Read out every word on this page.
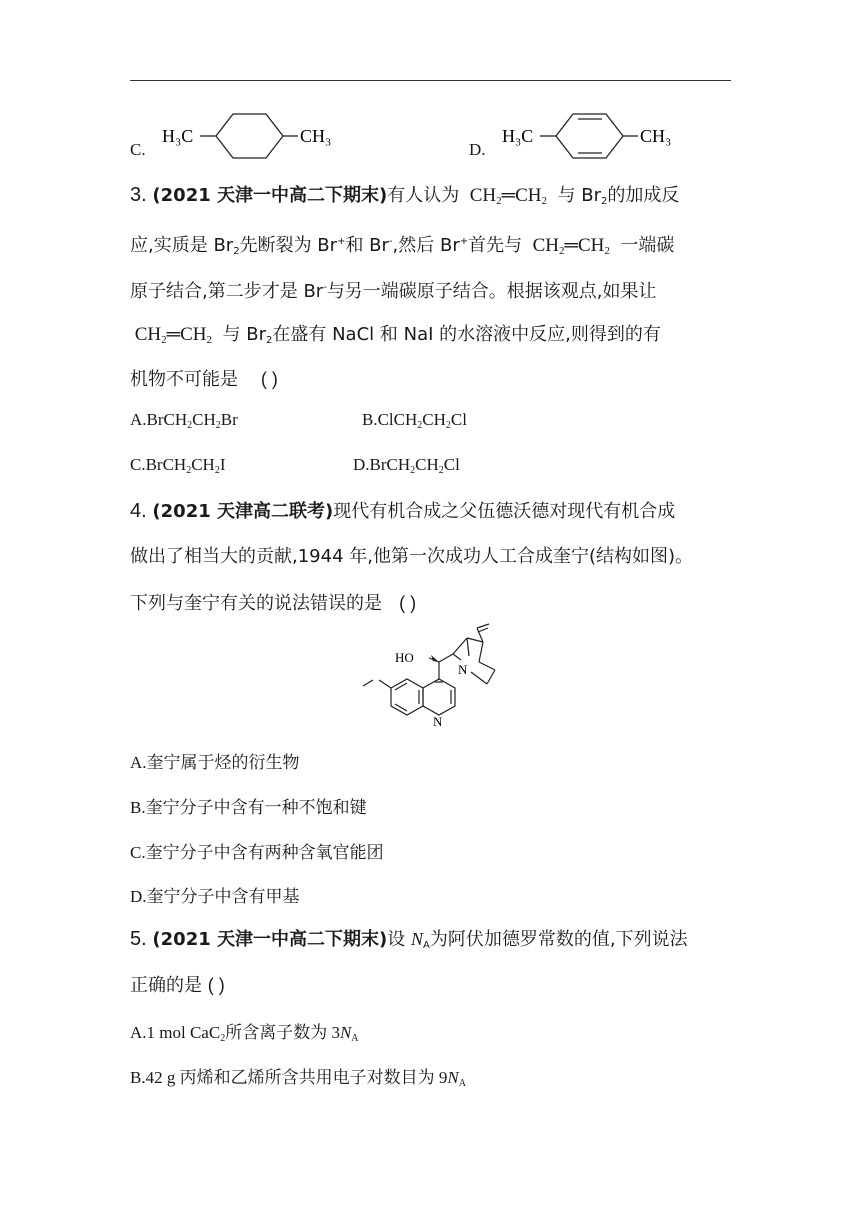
C.
H₃C	CH₃
D.
H₃C	CH₃
3. (2021 天津一中高二下期末)有人认为 $CH_2═CH_2$ 与 $Br_2$的加成反
应,实质是 $Br_2$先断裂为 Br+和 Br-,然后 Br+首先与 $CH_2═CH_2$ 一端碳
原子结合,第二步才是 Br-与另一端碳原子结合。根据该观点,如果让
$CH_2═CH_2$ 与 $Br_2$在盛有 NaCl 和 NaI 的水溶液中反应,则得到的有
机物不可能是 ( )
$A.BrCH_2CH_2Br$	$B.ClCH_2CH_2Cl$
$C.BrCH_2CH_2I$	$D.BrCH_2CH_2Cl$
4. (2021 天津高二联考)现代有机合成之父伍德沃德对现代有机合成
做出了相当大的贡献,1944 年,他第一次成功人工合成奎宁(结构如图)。
下列与奎宁有关的说法错误的是 ( )
HO
N
N
A.奎宁属于烃的衍生物
B.奎宁分子中含有一种不饱和键
C.奎宁分子中含有两种含氧官能团
D.奎宁分子中含有甲基
5. (2021 天津一中高二下期末)设 $N_A$为阿伏加德罗常数的值,下列说法
正确的是 ( )
A.1 mol CaC$_2$所含离子数为 $3N_A$
B.42 g 丙烯和乙烯所含共用电子对数目为 $9N_A$
